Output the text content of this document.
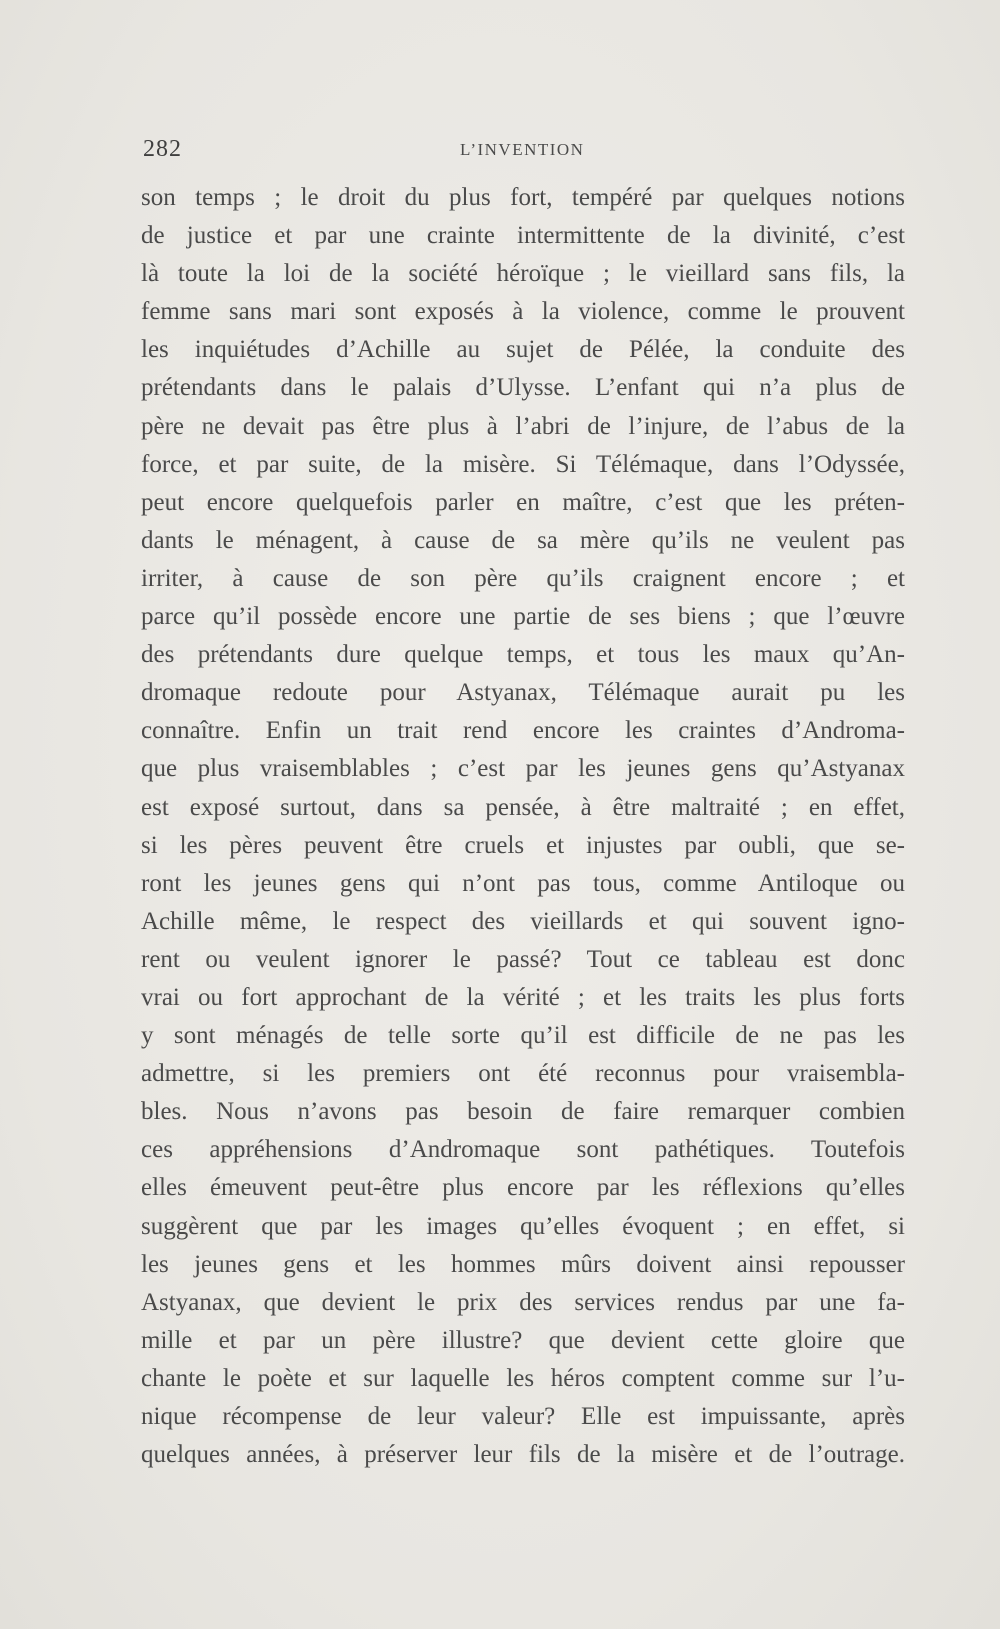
282	L’INVENTION
son temps ; le droit du plus fort, tempéré par quelques notions
de justice et par une crainte intermittente de la divinité, c’est
là toute la loi de la société héroïque ; le vieillard sans fils, la
femme sans mari sont exposés à la violence, comme le prouvent
les inquiétudes d’Achille au sujet de Pélée, la conduite des
prétendants dans le palais d’Ulysse. L’enfant qui n’a plus de
père ne devait pas être plus à l’abri de l’injure, de l’abus de la
force, et par suite, de la misère. Si Télémaque, dans l’Odyssée,
peut encore quelquefois parler en maître, c’est que les préten-
dants le ménagent, à cause de sa mère qu’ils ne veulent pas
irriter, à cause de son père qu’ils craignent encore ; et
parce qu’il possède encore une partie de ses biens ; que l’œuvre
des prétendants dure quelque temps, et tous les maux qu’An-
dromaque redoute pour Astyanax, Télémaque aurait pu les
connaître. Enfin un trait rend encore les craintes d’Androma-
que plus vraisemblables ; c’est par les jeunes gens qu’Astyanax
est exposé surtout, dans sa pensée, à être maltraité ; en effet,
si les pères peuvent être cruels et injustes par oubli, que se-
ront les jeunes gens qui n’ont pas tous, comme Antiloque ou
Achille même, le respect des vieillards et qui souvent igno-
rent ou veulent ignorer le passé? Tout ce tableau est donc
vrai ou fort approchant de la vérité ; et les traits les plus forts
y sont ménagés de telle sorte qu’il est difficile de ne pas les
admettre, si les premiers ont été reconnus pour vraisembla-
bles. Nous n’avons pas besoin de faire remarquer combien
ces appréhensions d’Andromaque sont pathétiques. Toutefois
elles émeuvent peut-être plus encore par les réflexions qu’elles
suggèrent que par les images qu’elles évoquent ; en effet, si
les jeunes gens et les hommes mûrs doivent ainsi repousser
Astyanax, que devient le prix des services rendus par une fa-
mille et par un père illustre? que devient cette gloire que
chante le poète et sur laquelle les héros comptent comme sur l’u-
nique récompense de leur valeur? Elle est impuissante, après
quelques années, à préserver leur fils de la misère et de l’outrage.
